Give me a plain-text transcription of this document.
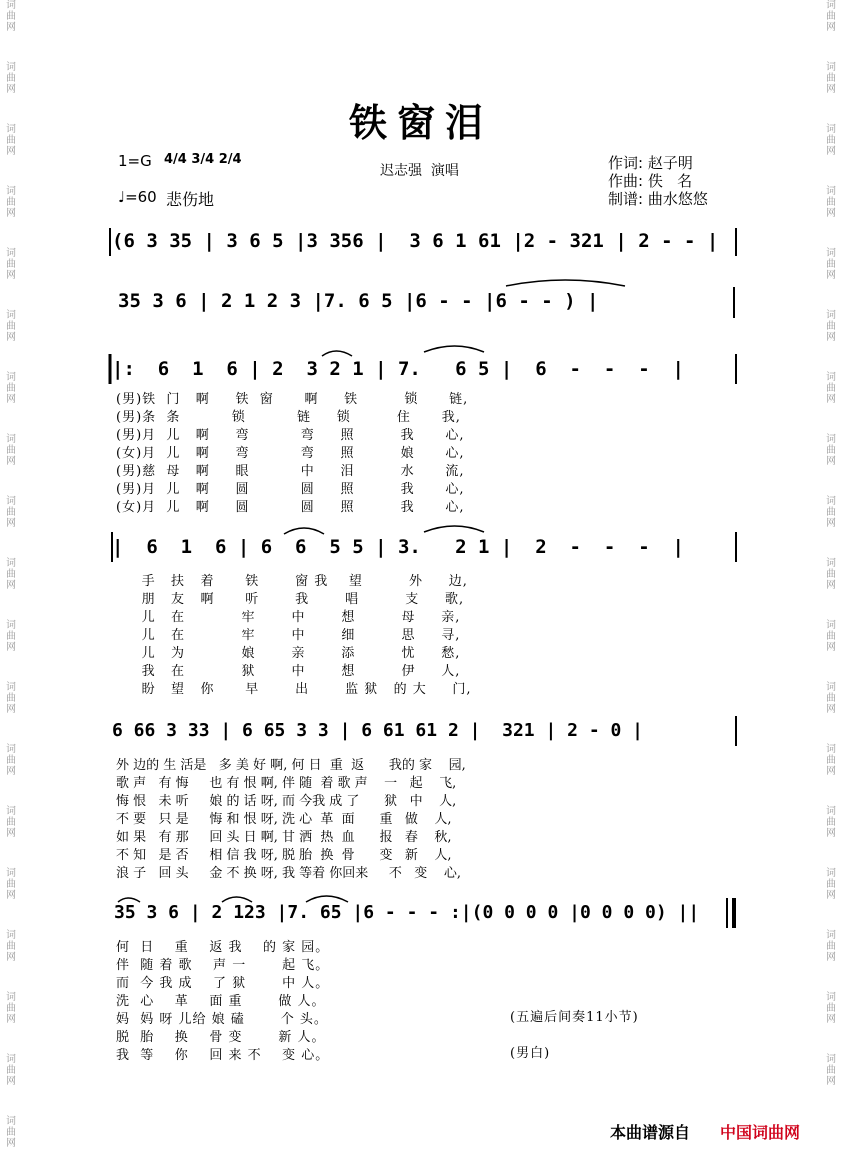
词
曲
网
词
曲
网
词
曲
网
词
曲
网
词
曲
网
词
曲
网
词
曲
网
词
曲
网
词
曲
网
词
曲
网
词
曲
网
词
曲
网
词
曲
网
词
曲
网
词
曲
网
词
曲
网
词
曲
网
词
曲
网
词
曲
网
词
曲
网
词
曲
网
词
曲
网
词
曲
网
词
曲
网
词
曲
网
词
曲
网
词
曲
网
词
曲
网
词
曲
网
词
曲
网
词
曲
网
词
曲
网
词
曲
网
词
曲
网
词
曲
网
词
曲
网
词
曲
网
铁窗泪
1=G 4/4 3/4 2/4
♩=60 悲伤地
迟志强  演唱	作词: 赵子明
作曲: 佚   名
制谱: 曲水悠悠
(6 3 35 | 3 6 5 |3 356 |  3 6 1 61 |2 - 321 | 2 - - |
35 3 6 | 2 1 2 3 |7. 6 5 |6 - - |6 - - ) |
|:  6  1  6 | 2  3 2 1 | 7.   6 5 |  6  -  -  -  |
(男)铁  门   啊     铁  窗      啊     铁         锁      链,
(男)条  条          锁          链     锁         住      我,
(男)月  儿   啊     弯          弯     照         我      心,
(女)月  儿   啊     弯          弯     照         娘      心,
(男)慈  母   啊     眼          中     泪         水      流,
(男)月  儿   啊     圆          圆     照         我      心,
(女)月  儿   啊     圆          圆     照         我      心,
|  6  1  6 | 6  6  5 5 | 3.   2 1 |  2  -  -  -  |
手   扶   着      铁       窗 我    望         外     边,
朋   友   啊      听       我       唱         支     歌,
儿   在           牢       中       想         母     亲,
儿   在           牢       中       细         思     寻,
儿   为           娘       亲       添         忧     愁,
我   在           狱       中       想         伊     人,
盼   望   你      早       出       监 狱   的 大     门,
6 66 3 33 | 6 65 3 3 | 6 61 61 2 |  321 | 2 - 0 |
外 边的 生 活是   多 美 好 啊, 何 日  重  返      我的 家    园,
歌 声   有 悔     也 有 恨 啊, 伴 随  着 歌 声    一   起    飞,
悔 恨   未 听     娘 的 话 呀, 而 今我 成 了      狱   中    人,
不 要   只 是     悔 和 恨 呀, 洗 心  革  面      重   做    人,
如 果   有 那     回 头 日 啊, 甘 洒  热  血      报   春    秋,
不 知   是 否     相 信 我 呀, 脱 胎  换  骨      变   新    人,
浪 子   回 头     金 不 换 呀, 我 等着 你回来     不   变    心,
35 3 6 | 2 123 |7. 65 |6 - - - :|(0 0 0 0 |0 0 0 0) ||
何  日    重    返 我    的 家 园。
伴  随 着 歌    声 一       起 飞。
而  今 我 成    了 狱       中 人。
洗  心    革    面 重       做 人。
妈  妈 呀 儿给 娘 磕       个 头。
脱  胎    换    骨 变       新 人。
我  等    你    回 来 不    变 心。
(五遍后间奏11小节)
(男白)
本曲谱源自 中国词曲网
